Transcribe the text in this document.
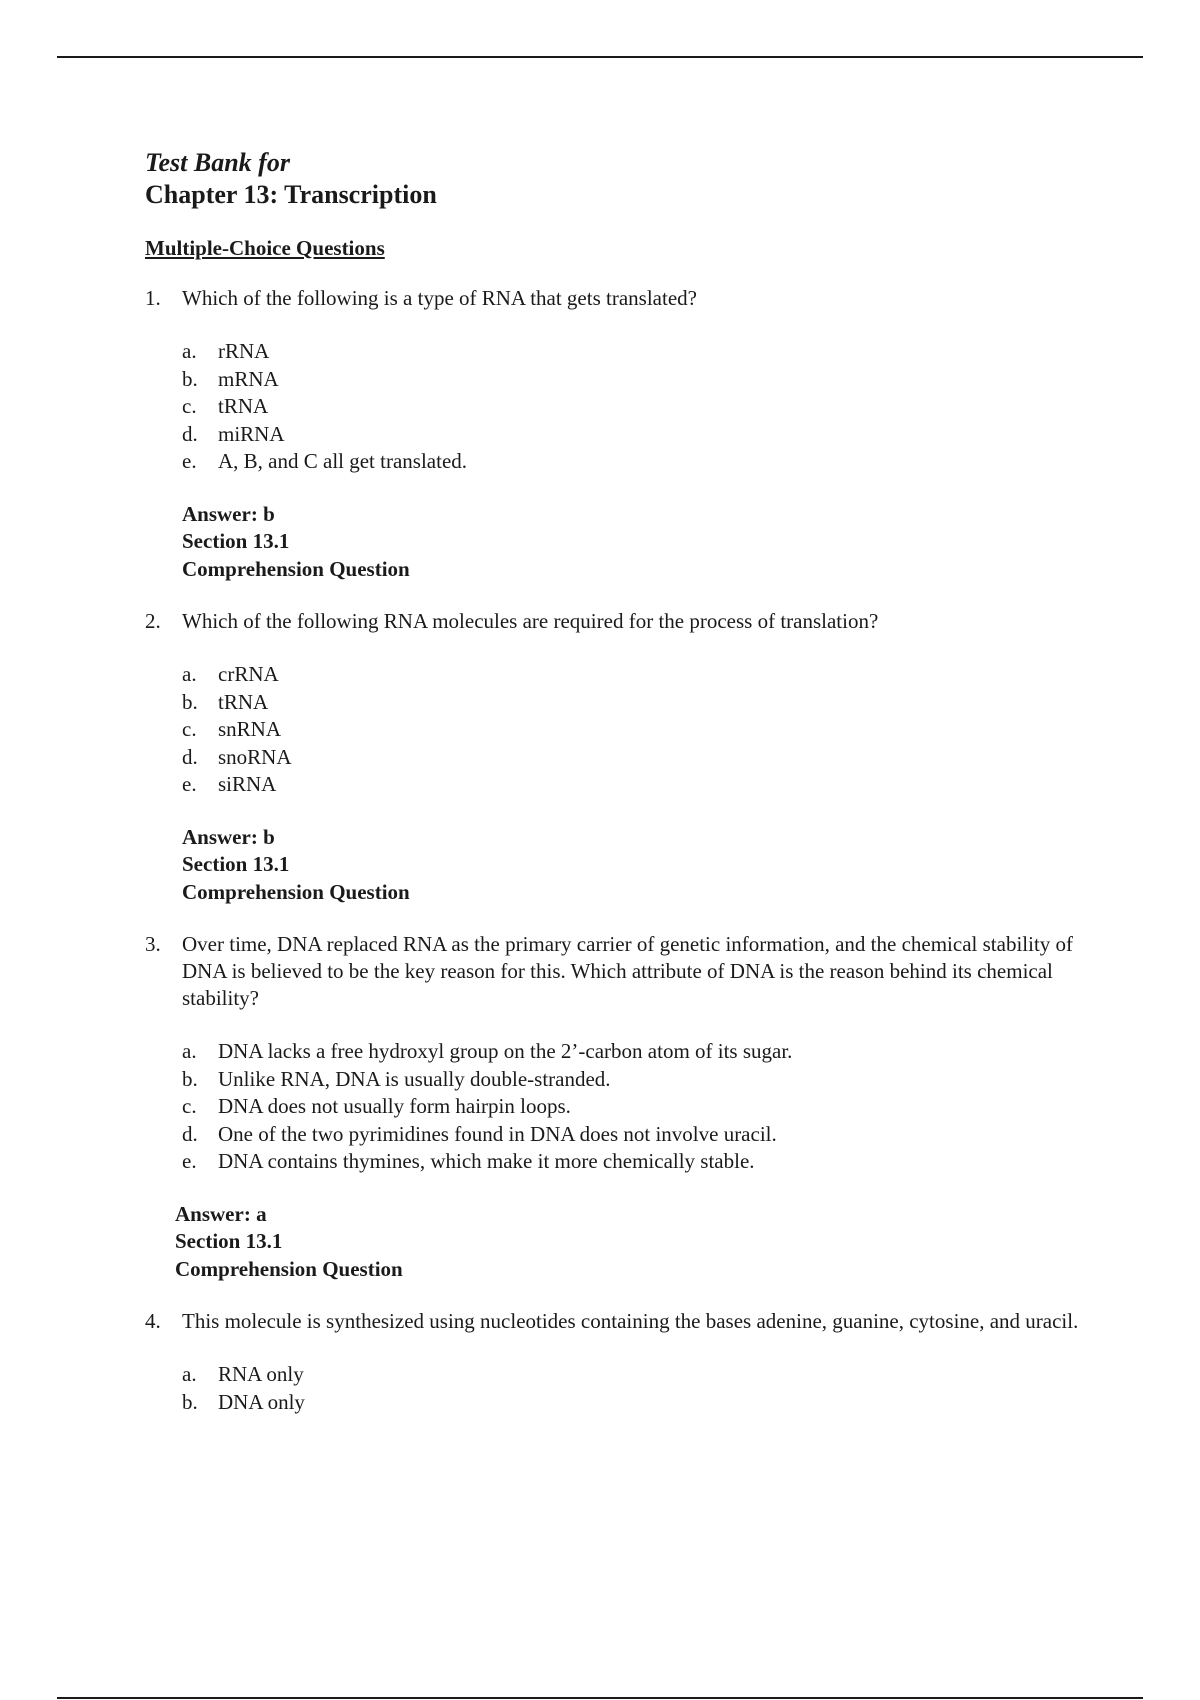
Test Bank for
Chapter 13: Transcription
Multiple-Choice Questions
1.	Which of the following is a type of RNA that gets translated?
a.	rRNA
b. mRNA
c.	tRNA
d. miRNA
e.	A, B, and C all get translated.
Answer: b
Section 13.1
Comprehension Question
2.	Which of the following RNA molecules are required for the process of translation?
a.	crRNA
b. tRNA
c.	snRNA
d. snoRNA
e.	siRNA
Answer: b
Section 13.1
Comprehension Question
3.	Over time, DNA replaced RNA as the primary carrier of genetic information, and the chemical stability of DNA is believed to be the key reason for this. Which attribute of DNA is the reason behind its chemical stability?
a.	DNA lacks a free hydroxyl group on the 2’-carbon atom of its sugar.
b. Unlike RNA, DNA is usually double-stranded.
c.	DNA does not usually form hairpin loops.
d. One of the two pyrimidines found in DNA does not involve uracil.
e.	DNA contains thymines, which make it more chemically stable.
Answer: a
Section 13.1
Comprehension Question
4.	This molecule is synthesized using nucleotides containing the bases adenine, guanine, cytosine, and uracil.
a.	RNA only
b. DNA only
